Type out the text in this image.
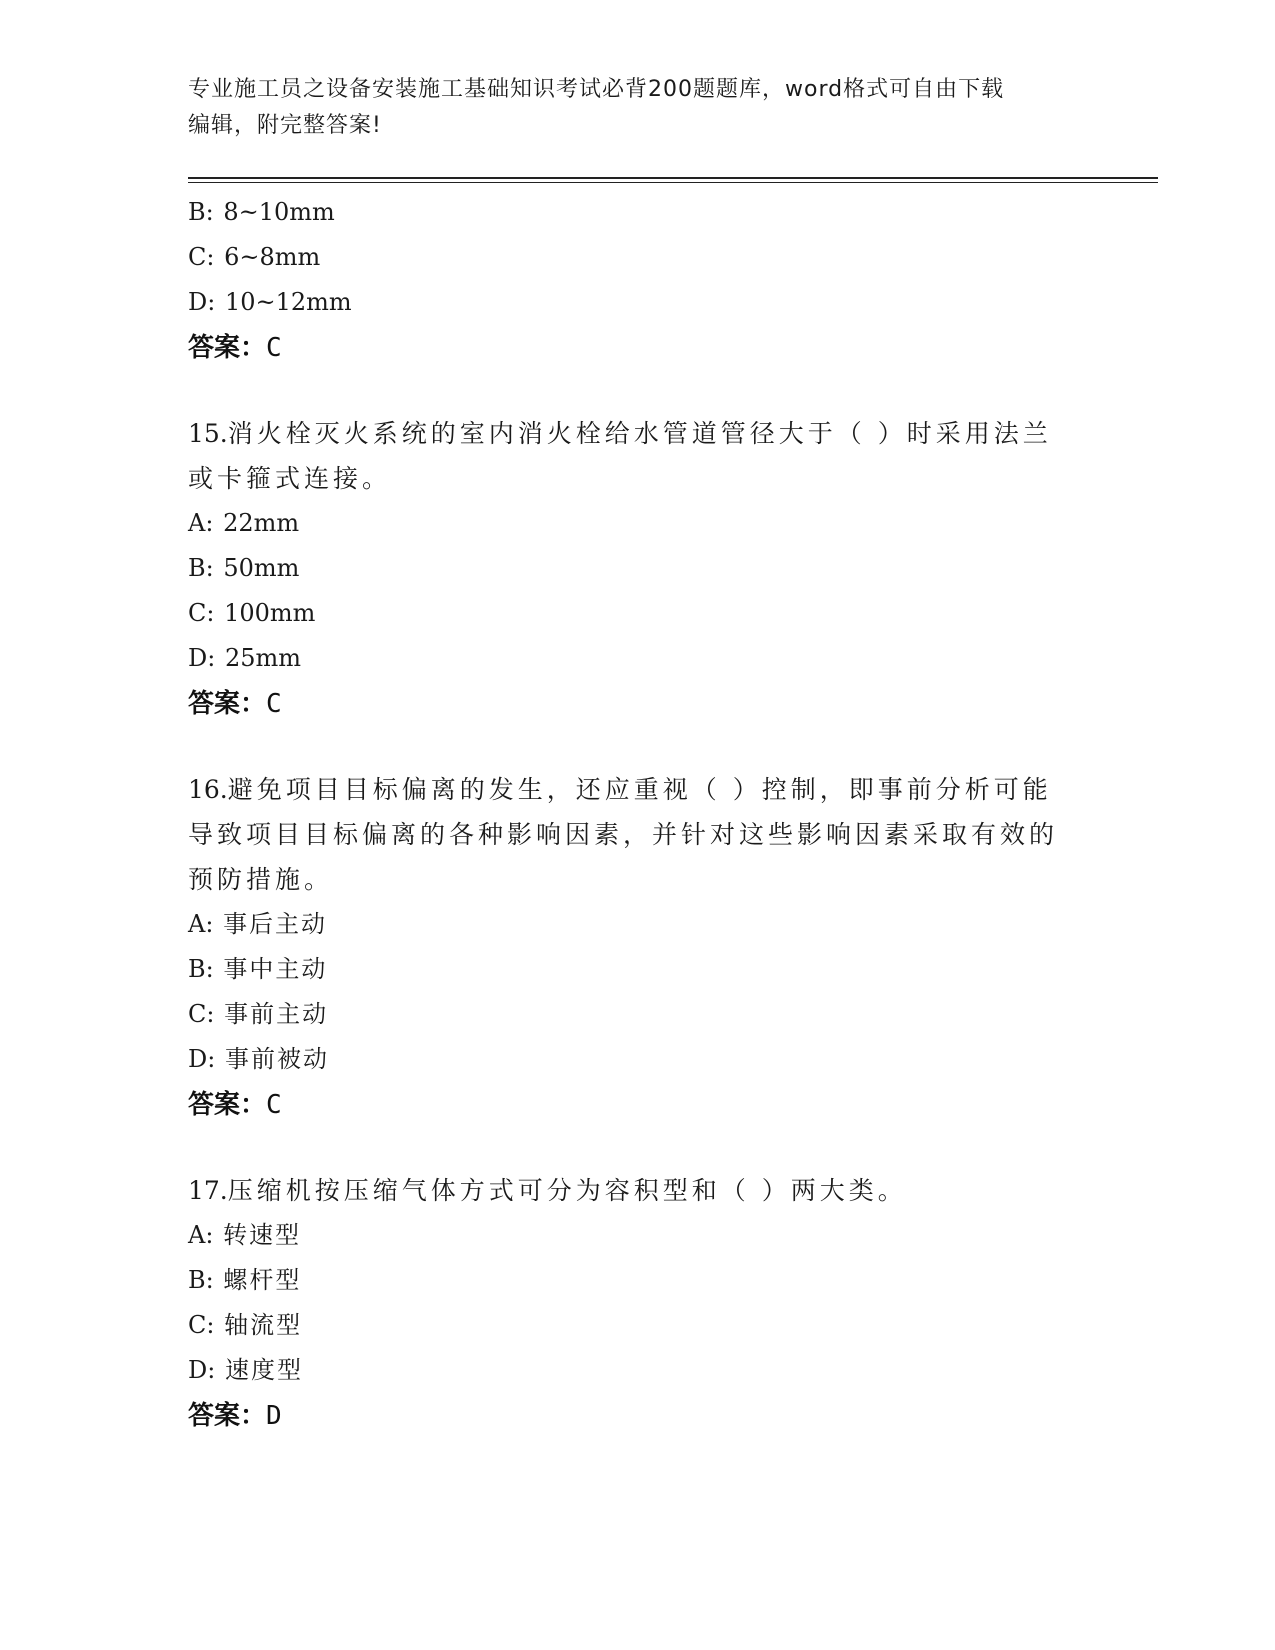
专业施工员之设备安装施工基础知识考试必背200题题库，word格式可自由下载
编辑，附完整答案!
B: 8~10mm
C: 6~8mm
D: 10~12mm
答案：C
15.消火栓灭火系统的室内消火栓给水管道管径大于（ ）时采用法兰
或卡箍式连接。
A: 22mm
B: 50mm
C: 100mm
D: 25mm
答案：C
16.避免项目目标偏离的发生，还应重视（ ）控制，即事前分析可能
导致项目目标偏离的各种影响因素，并针对这些影响因素采取有效的
预防措施。
A: 事后主动
B: 事中主动
C: 事前主动
D: 事前被动
答案：C
17.压缩机按压缩气体方式可分为容积型和（ ）两大类。
A: 转速型
B: 螺杆型
C: 轴流型
D: 速度型
答案：D
